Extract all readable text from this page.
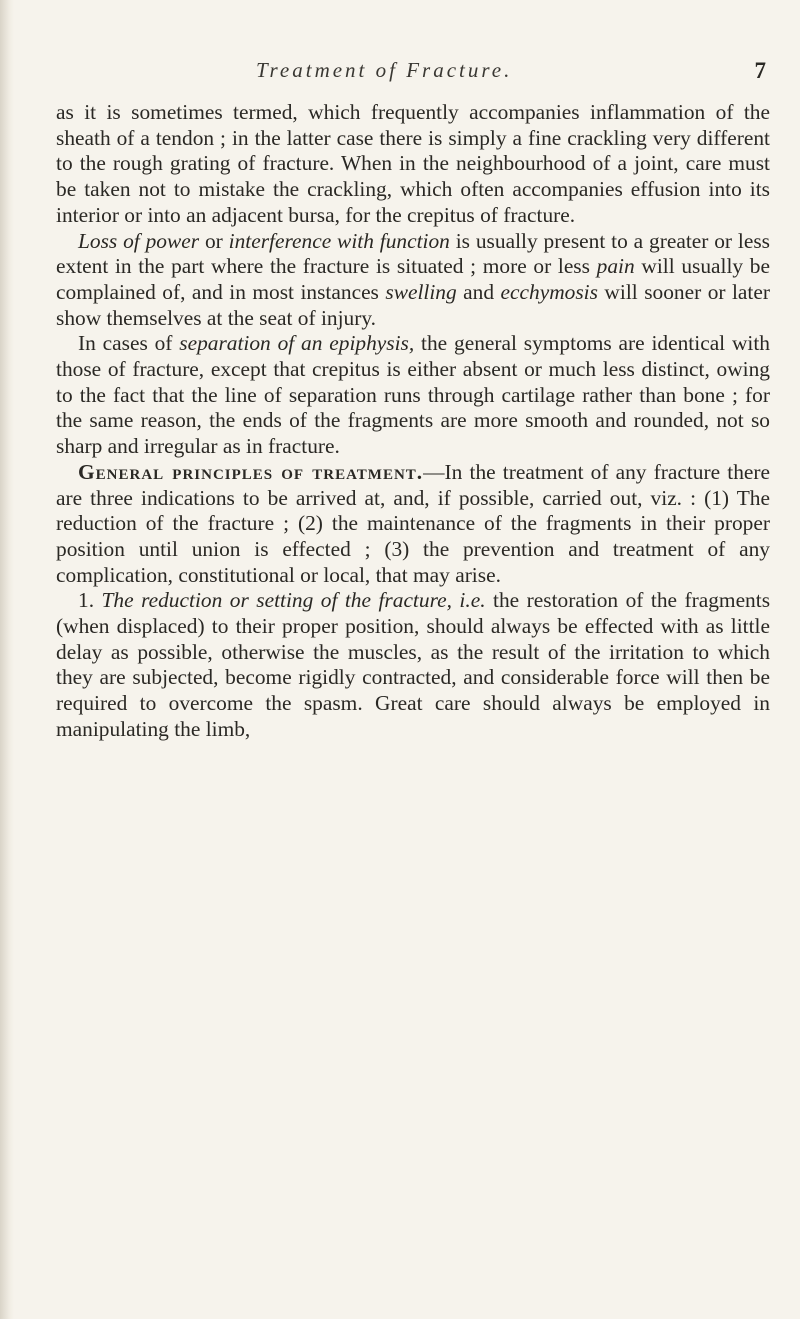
Treatment of Fracture.	7

as it is sometimes termed, which frequently accompanies inflammation of the sheath of a tendon ; in the latter case there is simply a fine crackling very different to the rough grating of fracture. When in the neighbourhood of a joint, care must be taken not to mistake the crackling, which often accompanies effusion into its interior or into an adjacent bursa, for the crepitus of fracture.

Loss of power or interference with function is usually present to a greater or less extent in the part where the fracture is situated ; more or less pain will usually be complained of, and in most instances swelling and ecchymosis will sooner or later show themselves at the seat of injury.

In cases of separation of an epiphysis, the general symptoms are identical with those of fracture, except that crepitus is either absent or much less distinct, owing to the fact that the line of separation runs through cartilage rather than bone ; for the same reason, the ends of the fragments are more smooth and rounded, not so sharp and irregular as in fracture.

General principles of treatment.—In the treatment of any fracture there are three indications to be arrived at, and, if possible, carried out, viz. : (1) The reduction of the fracture ; (2) the maintenance of the fragments in their proper position until union is effected ; (3) the prevention and treatment of any complication, constitutional or local, that may arise.

1. The reduction or setting of the fracture, i.e. the restoration of the fragments (when displaced) to their proper position, should always be effected with as little delay as possible, otherwise the muscles, as the result of the irritation to which they are subjected, become rigidly contracted, and considerable force will then be required to overcome the spasm. Great care should always be employed in manipulating the limb,
